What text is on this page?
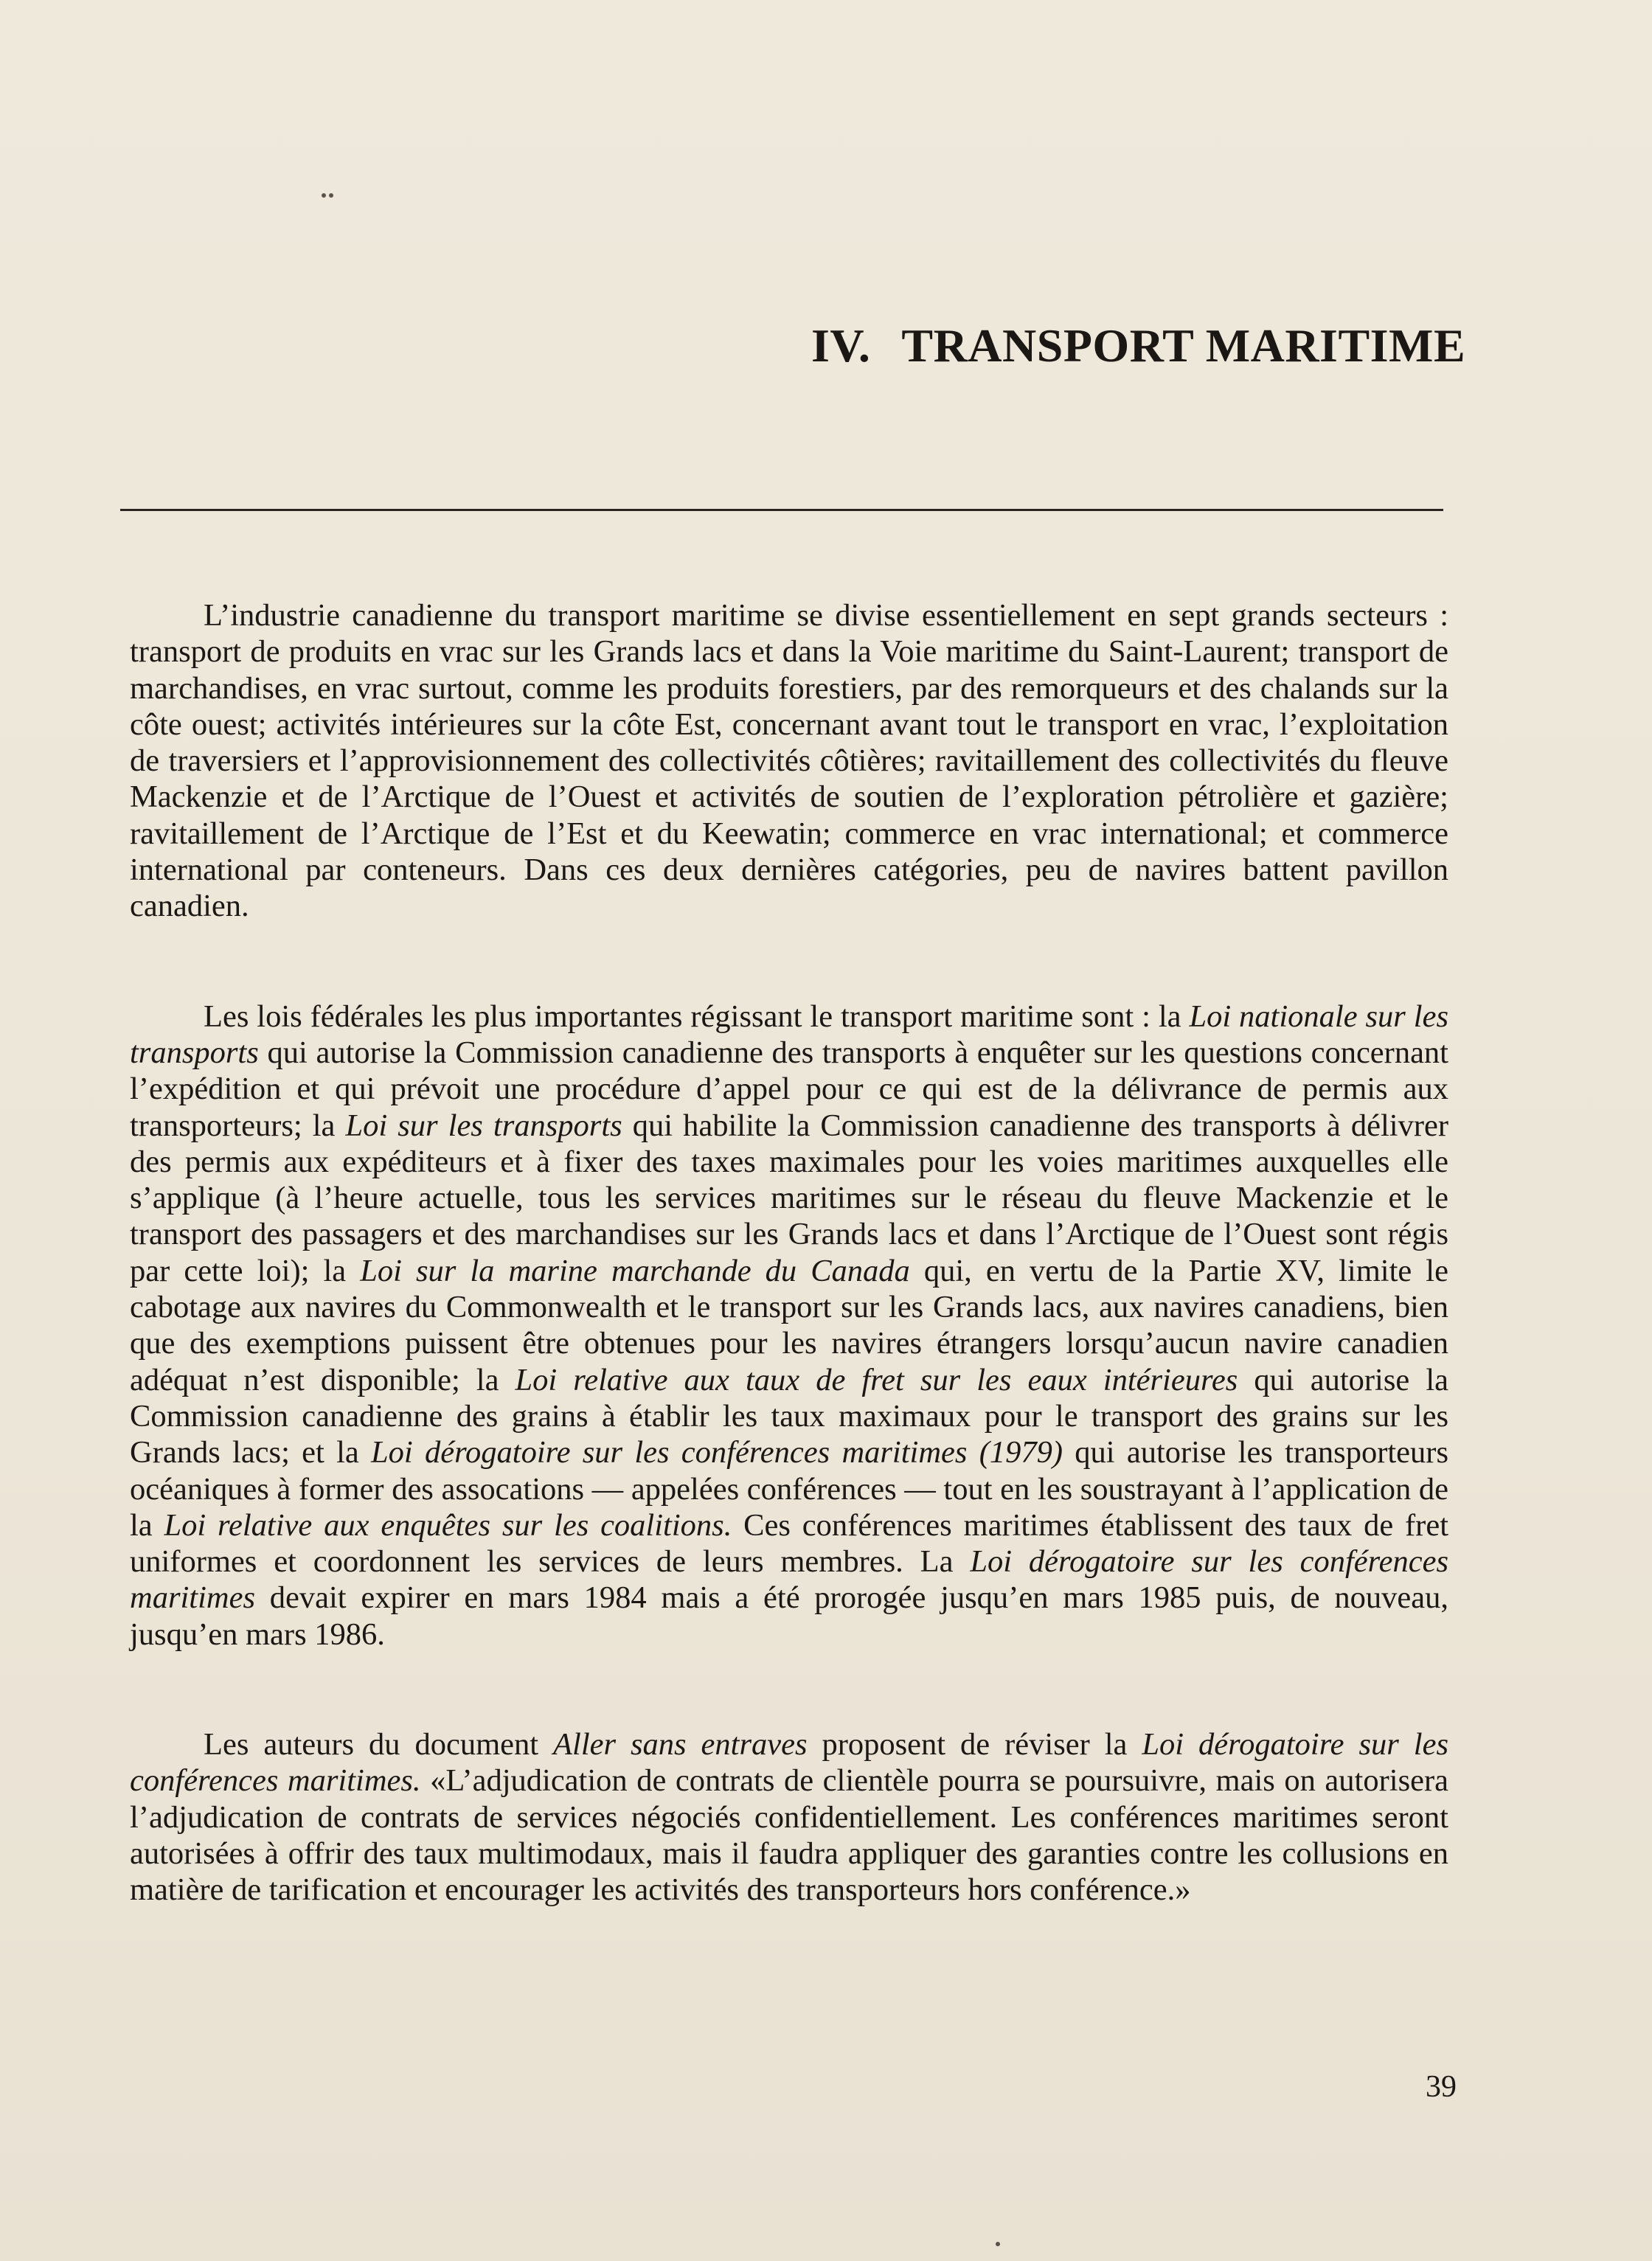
IV. TRANSPORT MARITIME

L’industrie canadienne du transport maritime se divise essentiellement en sept grands secteurs : transport de produits en vrac sur les Grands lacs et dans la Voie maritime du Saint-Laurent; transport de marchandises, en vrac surtout, comme les produits forestiers, par des remorqueurs et des chalands sur la côte ouest; activités intérieures sur la côte Est, concernant avant tout le transport en vrac, l’exploitation de traversiers et l’approvisionnement des collectivités côtières; ravitaillement des collectivités du fleuve Mackenzie et de l’Arctique de l’Ouest et activités de soutien de l’exploration pétrolière et gazière; ravitaillement de l’Arctique de l’Est et du Keewatin; commerce en vrac international; et commerce international par conteneurs. Dans ces deux dernières catégories, peu de navires battent pavillon canadien.

Les lois fédérales les plus importantes régissant le transport maritime sont : la Loi nationale sur les transports qui autorise la Commission canadienne des transports à enquêter sur les questions concernant l’expédition et qui prévoit une procédure d’appel pour ce qui est de la délivrance de permis aux transporteurs; la Loi sur les transports qui habilite la Commission canadienne des transports à délivrer des permis aux expéditeurs et à fixer des taxes maximales pour les voies maritimes auxquelles elle s’applique (à l’heure actuelle, tous les services maritimes sur le réseau du fleuve Mackenzie et le transport des passagers et des marchandises sur les Grands lacs et dans l’Arctique de l’Ouest sont régis par cette loi); la Loi sur la marine marchande du Canada qui, en vertu de la Partie XV, limite le cabotage aux navires du Commonwealth et le transport sur les Grands lacs, aux navires canadiens, bien que des exemptions puissent être obtenues pour les navires étrangers lorsqu’aucun navire canadien adéquat n’est disponible; la Loi relative aux taux de fret sur les eaux intérieures qui autorise la Commission canadienne des grains à établir les taux maximaux pour le transport des grains sur les Grands lacs; et la Loi dérogatoire sur les conférences maritimes (1979) qui autorise les transporteurs océaniques à former des assocations — appelées conférences — tout en les soustrayant à l’application de la Loi relative aux enquêtes sur les coalitions. Ces conférences maritimes établissent des taux de fret uniformes et coordonnent les services de leurs membres. La Loi dérogatoire sur les conférences maritimes devait expirer en mars 1984 mais a été prorogée jusqu’en mars 1985 puis, de nouveau, jusqu’en mars 1986.

Les auteurs du document Aller sans entraves proposent de réviser la Loi dérogatoire sur les conférences maritimes. «L’adjudication de contrats de clientèle pourra se poursuivre, mais on autorisera l’adjudication de contrats de services négociés confidentiellement. Les conférences maritimes seront autorisées à offrir des taux multimodaux, mais il faudra appliquer des garanties contre les collusions en matière de tarification et encourager les activités des transporteurs hors conférence.»

39
